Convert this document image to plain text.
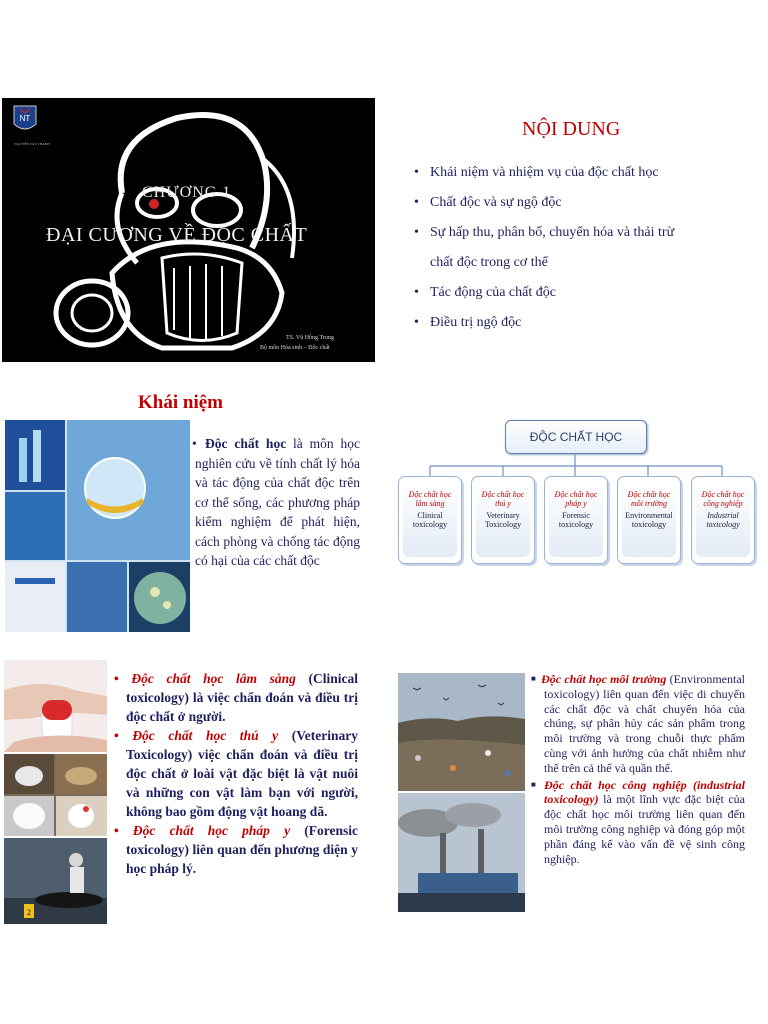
NT
NGUYỄN TẤT THÀNH
CHƯƠNG 1
ĐẠI CƯƠNG VỀ ĐỘC CHẤT
TS. Vũ Hồng Trung
Bộ môn Hóa sinh – Độc chất
NỘI DUNG
• Khái niệm và nhiệm vụ của độc chất học
• Chất độc và sự ngộ độc
• Sự hấp thu, phân bố, chuyển hóa và thải trừ
chất độc trong cơ thể
• Tác động của chất độc
• Điều trị ngộ độc
Khái niệm
• Độc chất học là môn học nghiên cứu về tính chất lý hóa và tác động của chất độc trên cơ thể sống, các phương pháp kiểm nghiệm để phát hiện, cách phòng và chống tác động có hại của các chất độc
ĐỘC CHẤT HỌC
Độc chất học lâm sàng
Clinical toxicology
Độc chất học thú y
Veterinary Toxicology
Độc chất học pháp y
Forensic toxicology
Độc chất học môi trường
Environmental toxicology
Độc chất học công nghiệp
Industrial toxicology
2

• Độc chất học lâm sàng (Clinical toxicology) là việc chẩn đoán và điều trị độc chất ở người.

• Độc chất học thú y (Veterinary Toxicology) việc chẩn đoán và điều trị độc chất ở loài vật đặc biệt là vật nuôi và những con vật làm bạn với người, không bao gồm động vật hoang dã.

• Độc chất học pháp y (Forensic toxicology) liên quan đến phương diện y học pháp lý.

■ Độc chất học môi trường (Environmental toxicology) liên quan đến việc di chuyển các chất độc và chất chuyển hóa của chúng, sự phân hủy các sản phẩm trong môi trường và trong chuỗi thực phẩm cùng với ảnh hưởng của chất nhiễm như thế trên cả thể và quần thể.

■ Độc chất học công nghiệp (industrial toxicology) là một lĩnh vực đặc biệt của độc chất học môi trường liên quan đến môi trường công nghiệp và đóng góp một phần đáng kể vào vấn đề vệ sinh công nghiệp.
